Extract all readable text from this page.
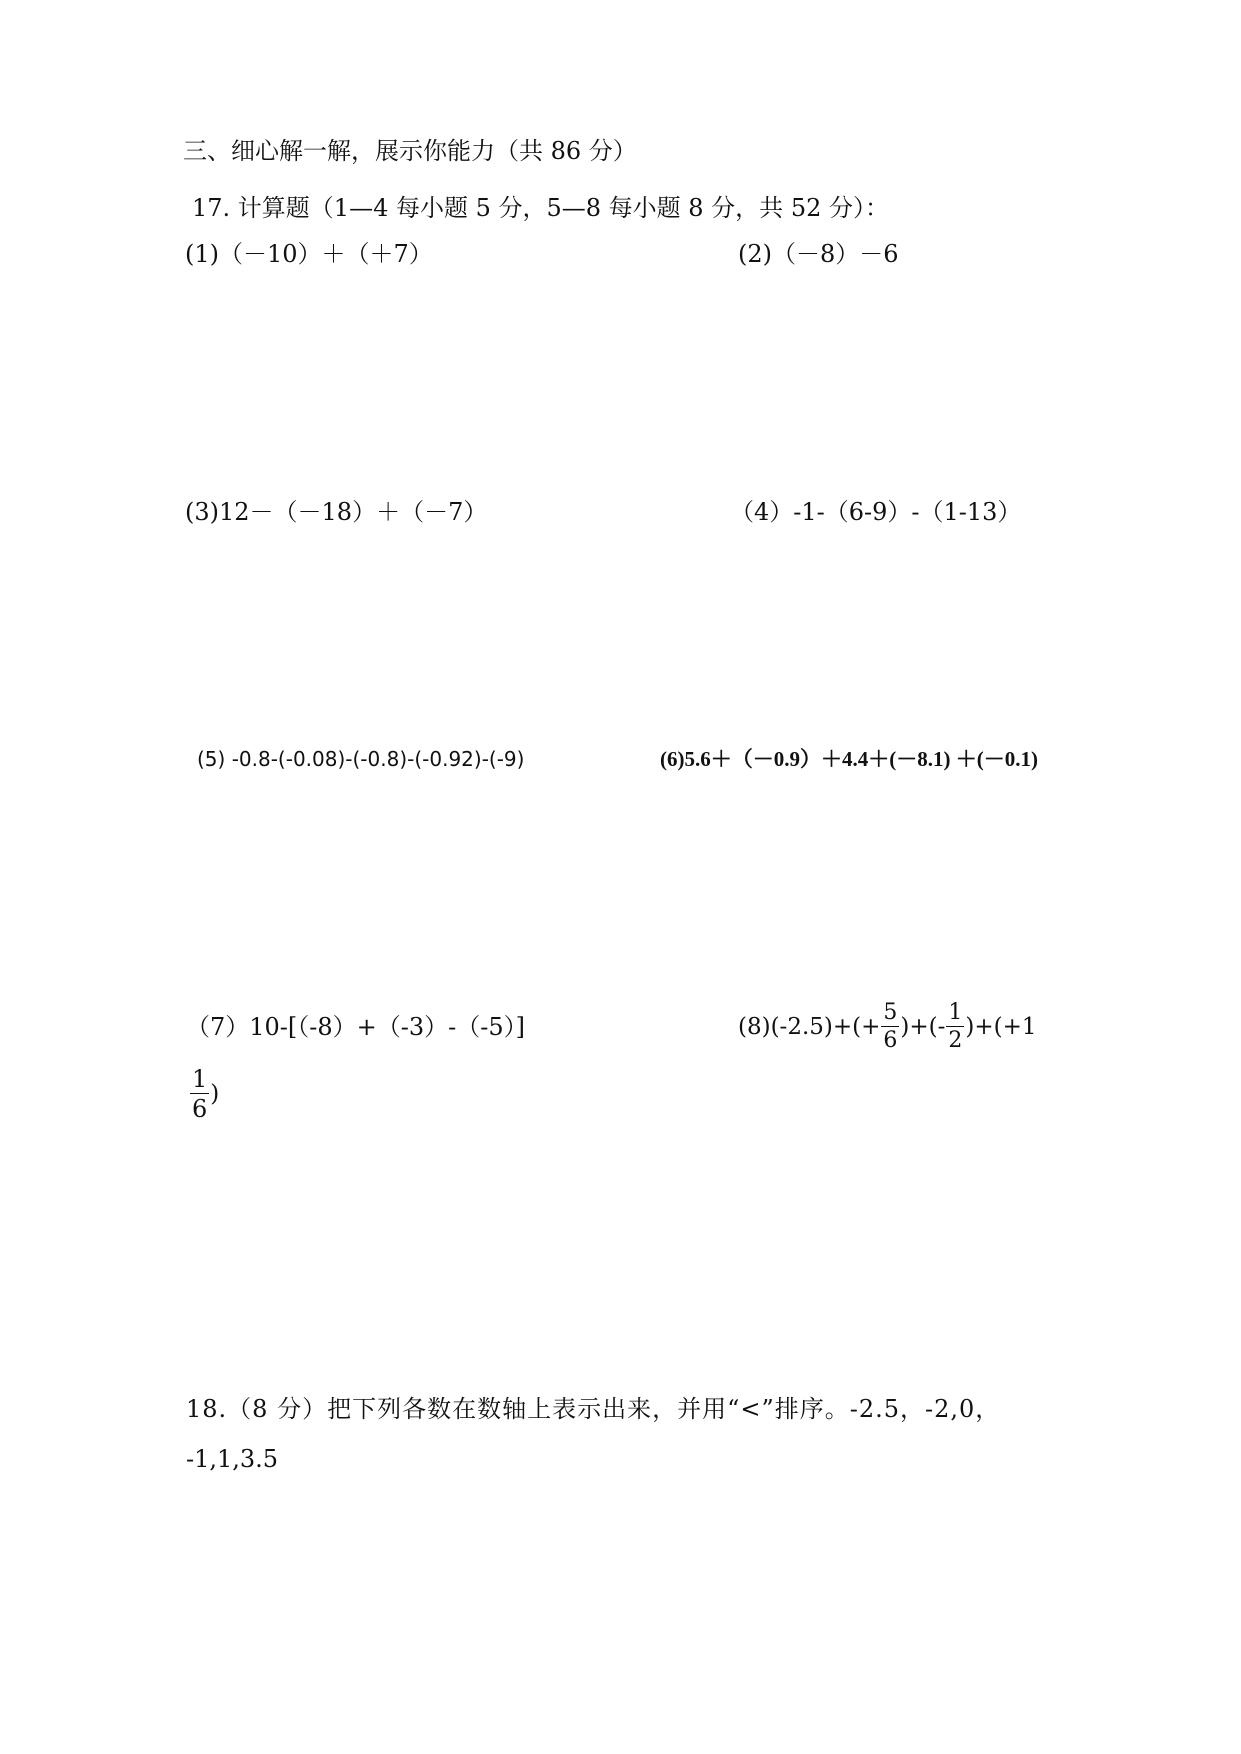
三、细心解一解，展示你能力（共 86 分）
17. 计算题（1—4 每小题 5 分，5—8 每小题 8 分，共 52 分）：
(1)（－10）＋（＋7）	(2)（－8）－6
(3)12－（－18）＋（－7）	（4）-1-（6-9）-（1-13）
(5) -0.8-(-0.08)-(-0.8)-(-0.92)-(-9)	(6)5.6＋（－0.9）＋4.4＋(－8.1) ＋(－0.1)
（7）10-[（-8）+（-3）-（-5）]	$(8)(-2.5)+(+ \frac{5}{6}$ )+(- $\frac{1}{2} )+(+1$
$\frac{1}{6}$ )
18.（8 分）把下列各数在数轴上表示出来，并用“<”排序。-2.5，-2,0，
-1,1,3.5
